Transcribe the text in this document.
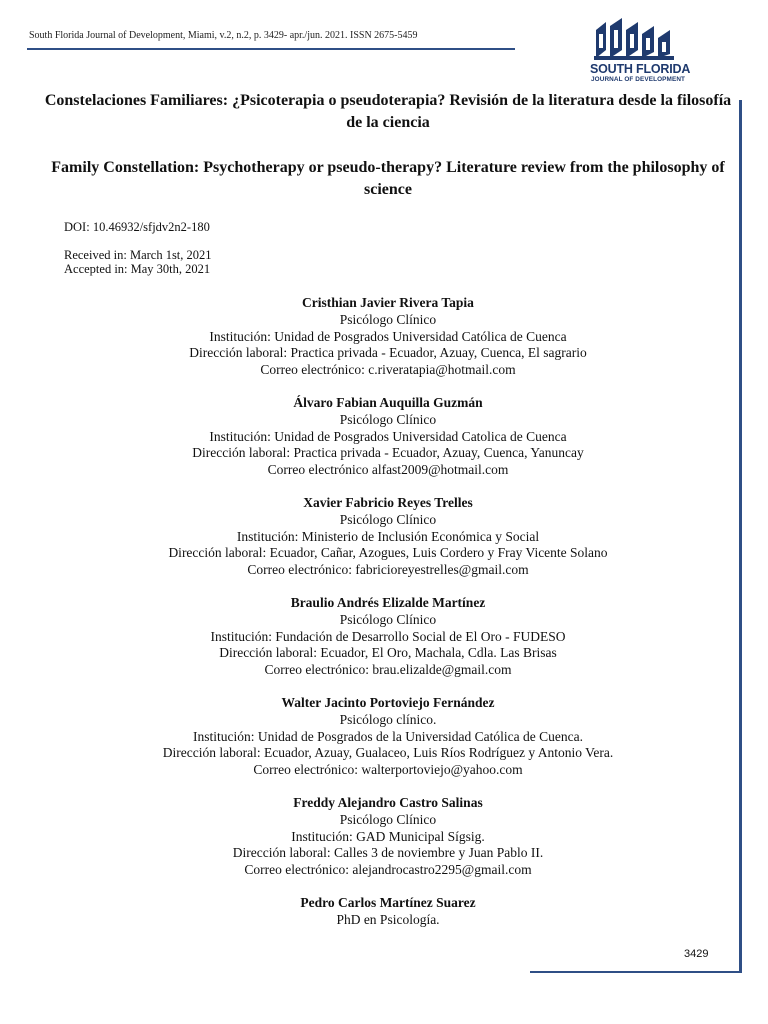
South Florida Journal of Development, Miami, v.2, n.2, p. 3429- apr./jun. 2021. ISSN 2675-5459
SOUTH FLORIDA
JOURNAL OF DEVELOPMENT
Constelaciones Familiares: ¿Psicoterapia o pseudoterapia? Revisión de la literatura desde la filosofía de la ciencia
Family Constellation: Psychotherapy or pseudo-therapy? Literature review from the philosophy of science
DOI: 10.46932/sfjdv2n2-180
Received in: March 1st, 2021
Accepted in: May 30th, 2021
Cristhian Javier Rivera Tapia
Psicólogo Clínico
Institución: Unidad de Posgrados Universidad Católica de Cuenca
Dirección laboral: Practica privada - Ecuador, Azuay, Cuenca, El sagrario
Correo electrónico: c.riveratapia@hotmail.com
Álvaro Fabian Auquilla Guzmán
Psicólogo Clínico
Institución: Unidad de Posgrados Universidad Catolica de Cuenca
Dirección laboral: Practica privada - Ecuador, Azuay, Cuenca, Yanuncay
Correo electrónico alfast2009@hotmail.com
Xavier Fabricio Reyes Trelles
Psicólogo Clínico
Institución: Ministerio de Inclusión Económica y Social
Dirección laboral: Ecuador, Cañar, Azogues, Luis Cordero y Fray Vicente Solano
Correo electrónico: fabricioreyestrelles@gmail.com
Braulio Andrés Elizalde Martínez
Psicólogo Clínico
Institución: Fundación de Desarrollo Social de El Oro - FUDESO
Dirección laboral: Ecuador, El Oro, Machala, Cdla. Las Brisas
Correo electrónico: brau.elizalde@gmail.com
Walter Jacinto Portoviejo Fernández
Psicólogo clínico.
Institución: Unidad de Posgrados de la Universidad Católica de Cuenca.
Dirección laboral: Ecuador, Azuay, Gualaceo, Luis Ríos Rodríguez y Antonio Vera.
Correo electrónico: walterportoviejo@yahoo.com
Freddy Alejandro Castro Salinas
Psicólogo Clínico
Institución: GAD Municipal Sígsig.
Dirección laboral: Calles 3 de noviembre y Juan Pablo II.
Correo electrónico: alejandrocastro2295@gmail.com
Pedro Carlos Martínez Suarez
PhD en Psicología.
3429
